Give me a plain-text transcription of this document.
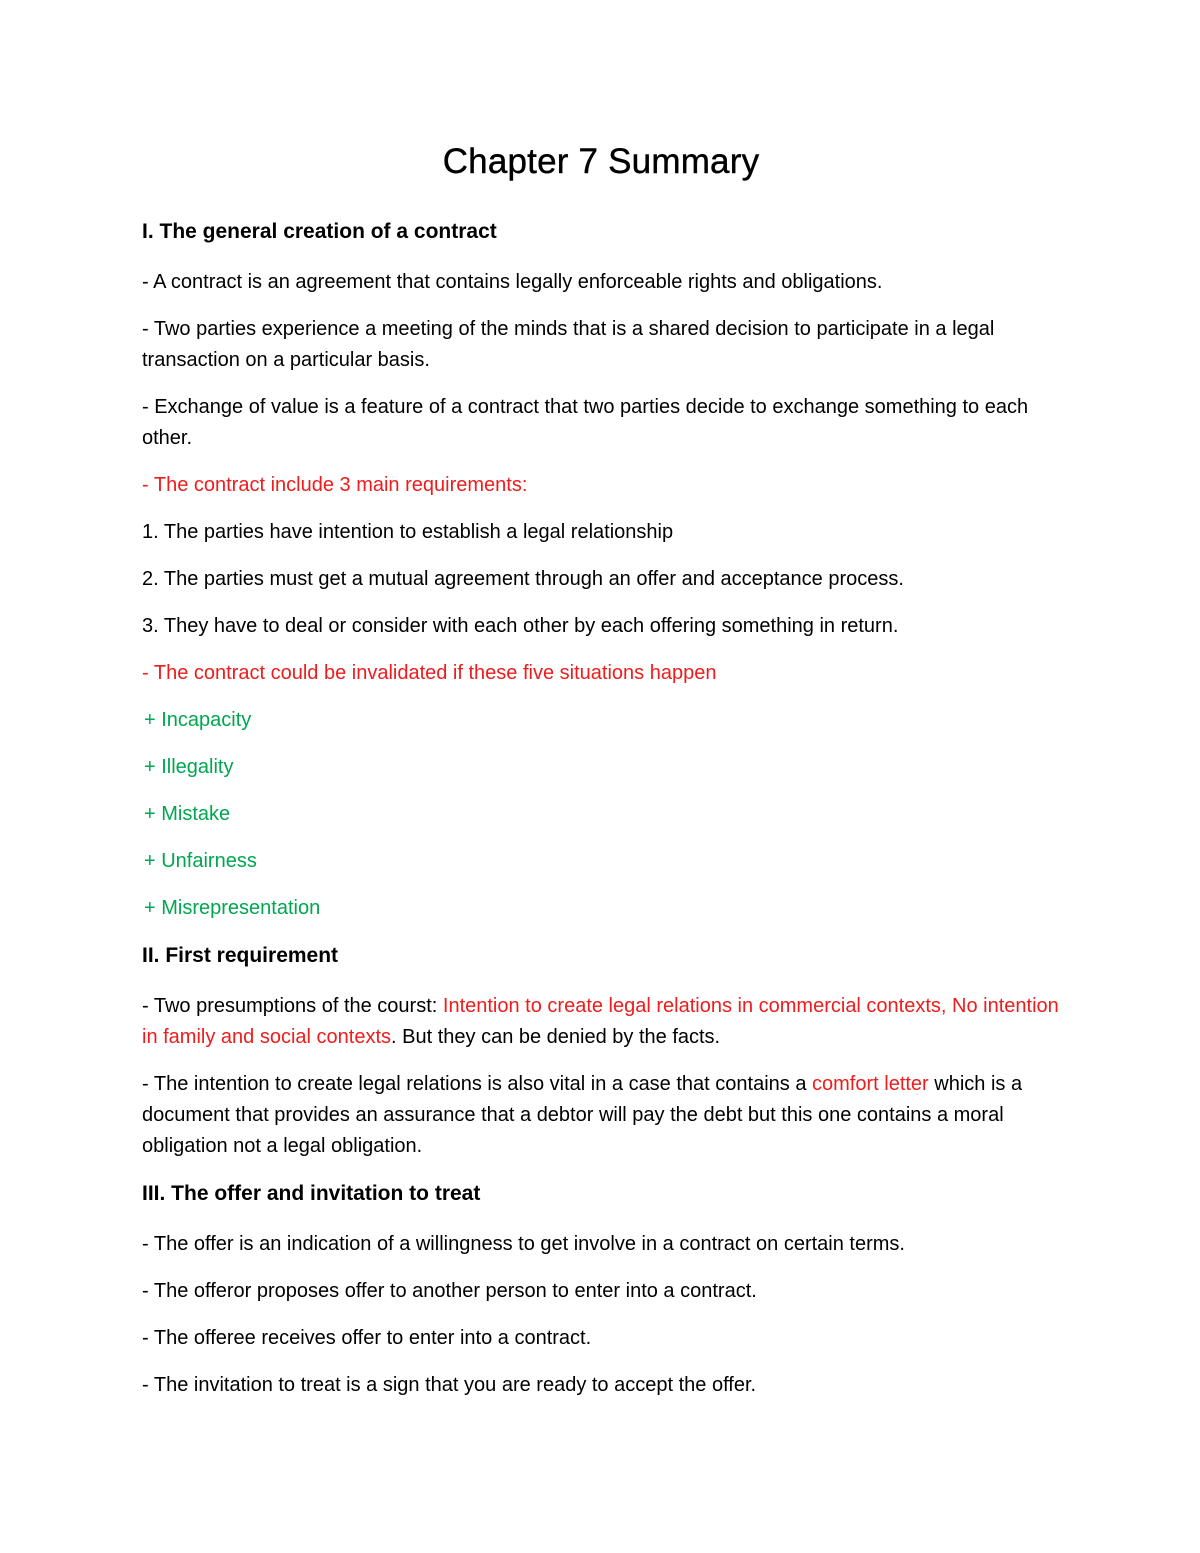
Chapter 7 Summary
I. The general creation of a contract
- A contract is an agreement that contains legally enforceable rights and obligations.
- Two parties experience a meeting of the minds that is a shared decision to participate in a legal transaction on a particular basis.
- Exchange of value is a feature of a contract that two parties decide to exchange something to each other.
- The contract include 3 main requirements:
1. The parties have intention to establish a legal relationship
2. The parties must get a mutual agreement through an offer and acceptance process.
3. They have to deal or consider with each other by each offering something in return.
- The contract could be invalidated if these five situations happen
+ Incapacity
+ Illegality
+ Mistake
+ Unfairness
+ Misrepresentation
II. First requirement
- Two presumptions of the courst: Intention to create legal relations in commercial contexts, No intention in family and social contexts. But they can be denied by the facts.
- The intention to create legal relations is also vital in a case that contains a comfort letter which is a document that provides an assurance that a debtor will pay the debt but this one contains a moral obligation not a legal obligation.
III. The offer and invitation to treat
- The offer is an indication of a willingness to get involve in a contract on certain terms.
- The offeror proposes offer to another person to enter into a contract.
- The offeree receives offer to enter into a contract.
- The invitation to treat is a sign that you are ready to accept the offer.
